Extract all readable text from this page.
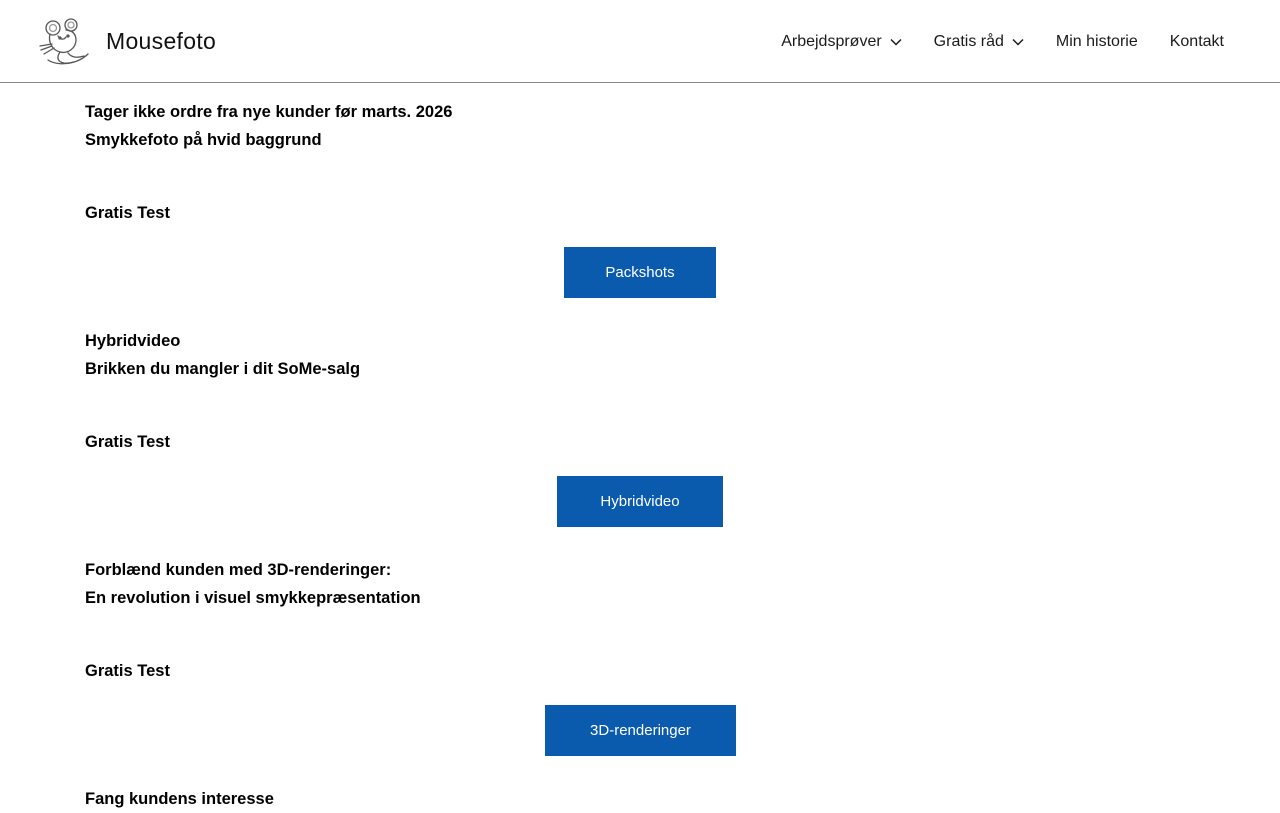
Mousefoto	Arbejdsprøver	Gratis råd	Min historie Kontakt

Tager ikke ordre fra nye kunder før marts. 2026

Smykkefoto på hvid baggrund

Gratis Test
Packshots

Hybridvideo

Brikken du mangler i dit SoMe-salg

Gratis Test
Hybridvideo

Forblænd kunden med 3D-renderinger:

En revolution i visuel smykkepræsentation

Gratis Test
3D-renderinger

Fang kundens interesse
